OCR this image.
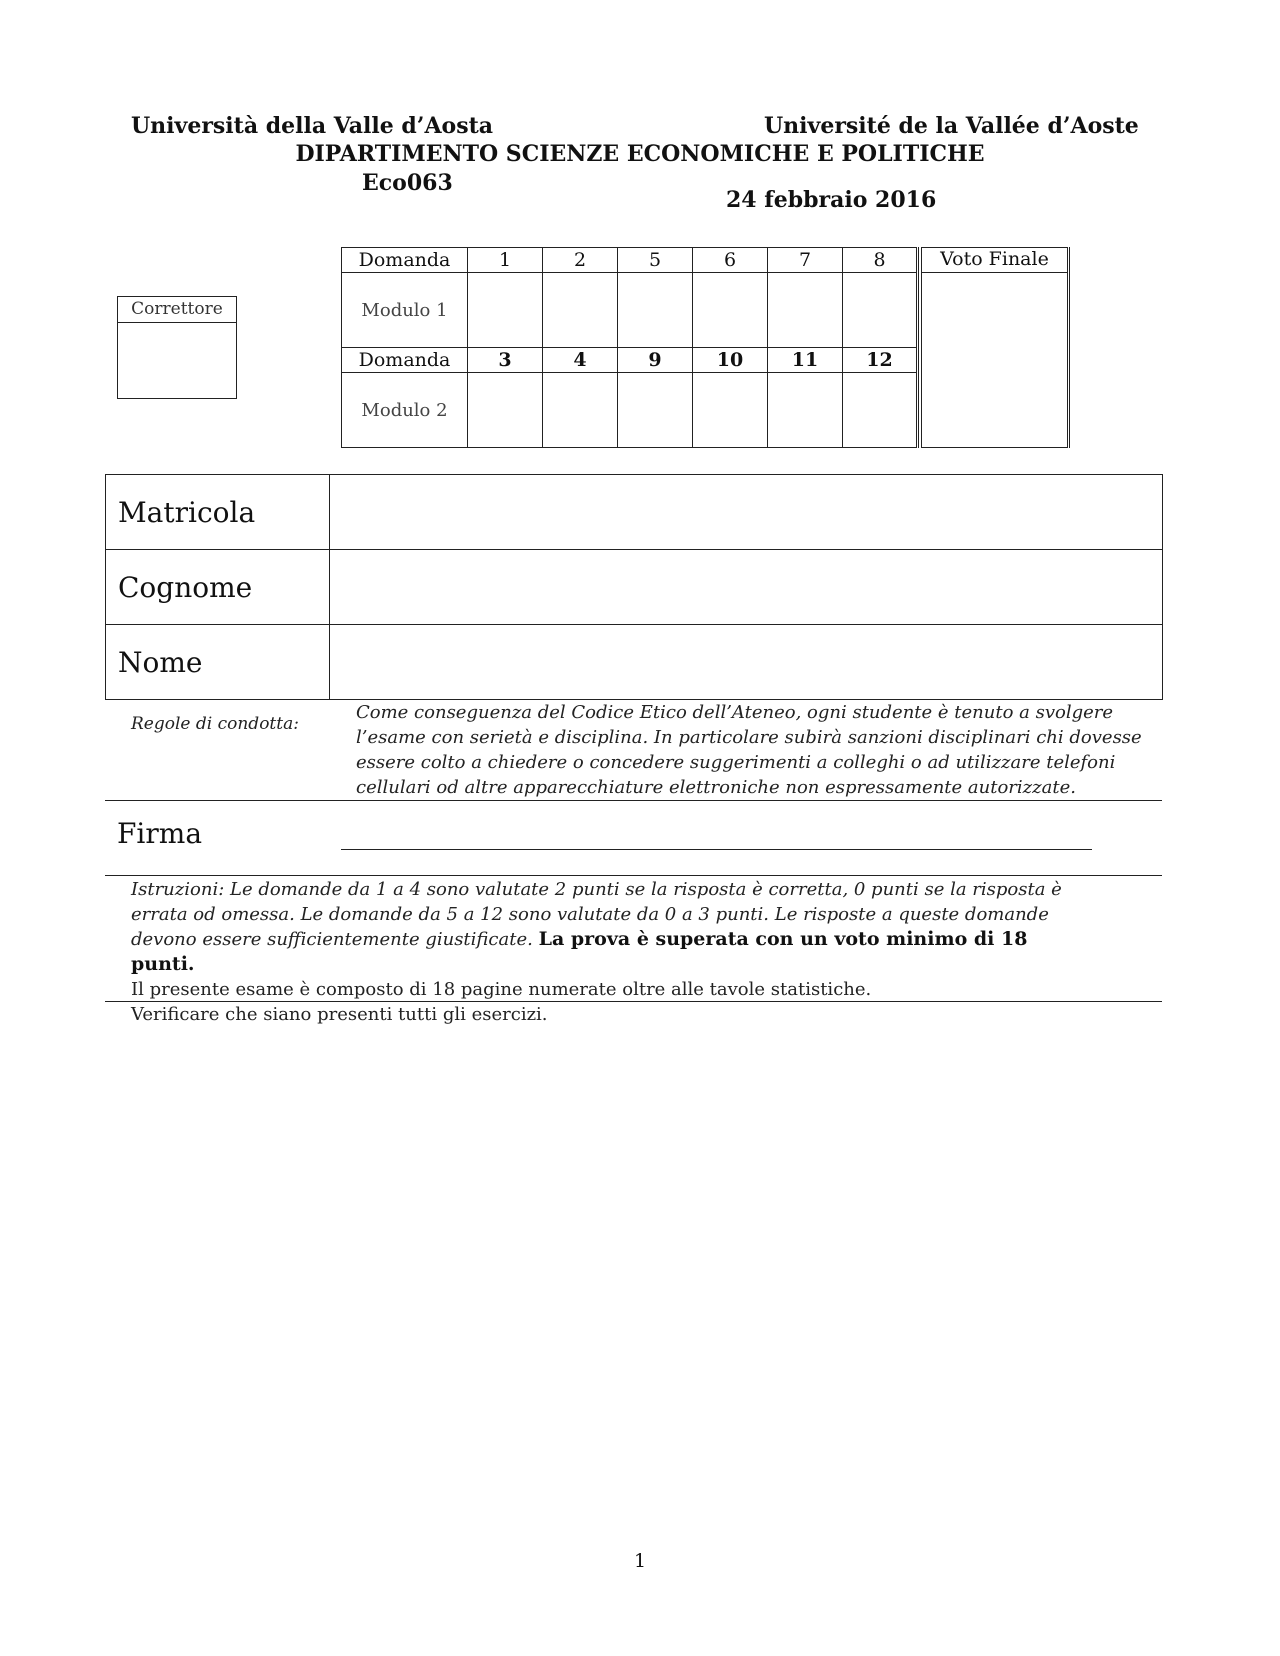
Università della Valle d’Aosta	Université de la Vallée d’Aoste
DIPARTIMENTO SCIENZE ECONOMICHE E POLITICHE
Eco063
24 febbraio 2016
Correttore
Domanda	1	2	5	6	7	8		Voto Finale
Modulo 1								
Domanda	3	4	9	10	11	12		
Modulo 2								
Matricola	
Cognome	
Nome	
Regole di condotta:
Come conseguenza del Codice Etico dell’Ateneo, ogni studente è tenuto a svolgere
l’esame con serietà e disciplina. In particolare subirà sanzioni disciplinari chi dovesse
essere colto a chiedere o concedere suggerimenti a colleghi o ad utilizzare telefoni
cellulari od altre apparecchiature elettroniche non espressamente autorizzate.
Firma
Istruzioni: Le domande da 1 a 4 sono valutate 2 punti se la risposta è corretta, 0 punti se la risposta è
errata od omessa. Le domande da 5 a 12 sono valutate da 0 a 3 punti. Le risposte a queste domande
devono essere sufficientemente giustificate. La prova è superata con un voto minimo di 18 punti.
Il presente esame è composto di 18 pagine numerate oltre alle tavole statistiche.
Verificare che siano presenti tutti gli esercizi.
1
